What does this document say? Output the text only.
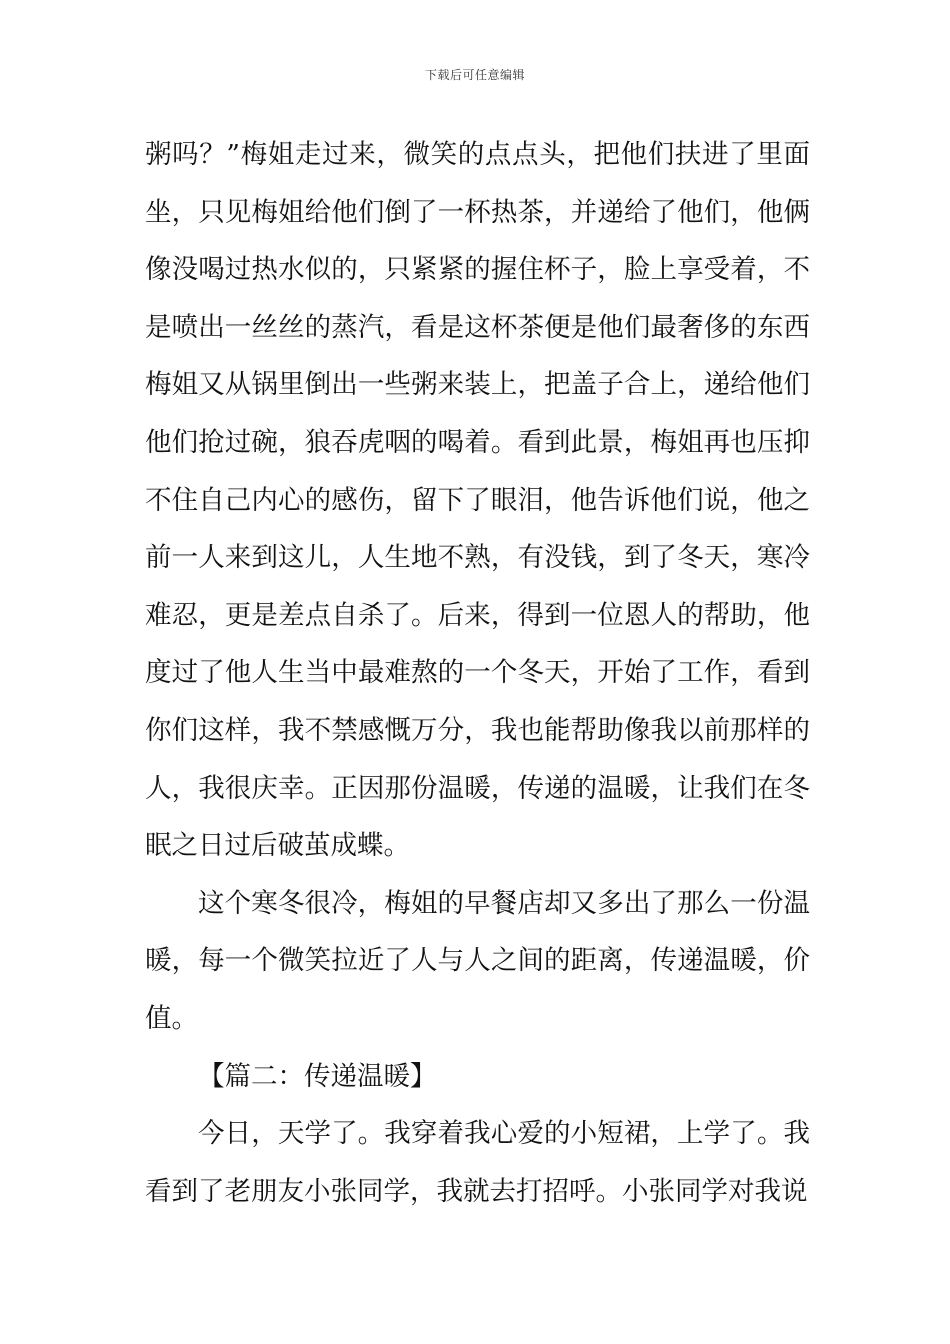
下载后可任意编辑

粥吗？”梅姐走过来，微笑的点点头，把他们扶进了里面坐，只见梅姐给他们倒了一杯热茶，并递给了他们，他俩像没喝过热水似的，只紧紧的握住杯子，脸上享受着，不是喷出一丝丝的蒸汽，看是这杯茶便是他们最奢侈的东西梅姐又从锅里倒出一些粥来装上，把盖子合上，递给他们他们抢过碗，狼吞虎咽的喝着。看到此景，梅姐再也压抑不住自己内心的感伤，留下了眼泪，他告诉他们说，他之前一人来到这儿，人生地不熟，有没钱，到了冬天，寒冷难忍，更是差点自杀了。后来，得到一位恩人的帮助，他度过了他人生当中最难熬的一个冬天，开始了工作，看到你们这样，我不禁感慨万分，我也能帮助像我以前那样的人，我很庆幸。正因那份温暖，传递的温暖，让我们在冬眠之日过后破茧成蝶。

这个寒冬很冷，梅姐的早餐店却又多出了那么一份温暖，每一个微笑拉近了人与人之间的距离，传递温暖，价值。

【篇二：传递温暖】

今日，天学了。我穿着我心爱的小短裙，上学了。我看到了老朋友小张同学，我就去打招呼。小张同学对我说
